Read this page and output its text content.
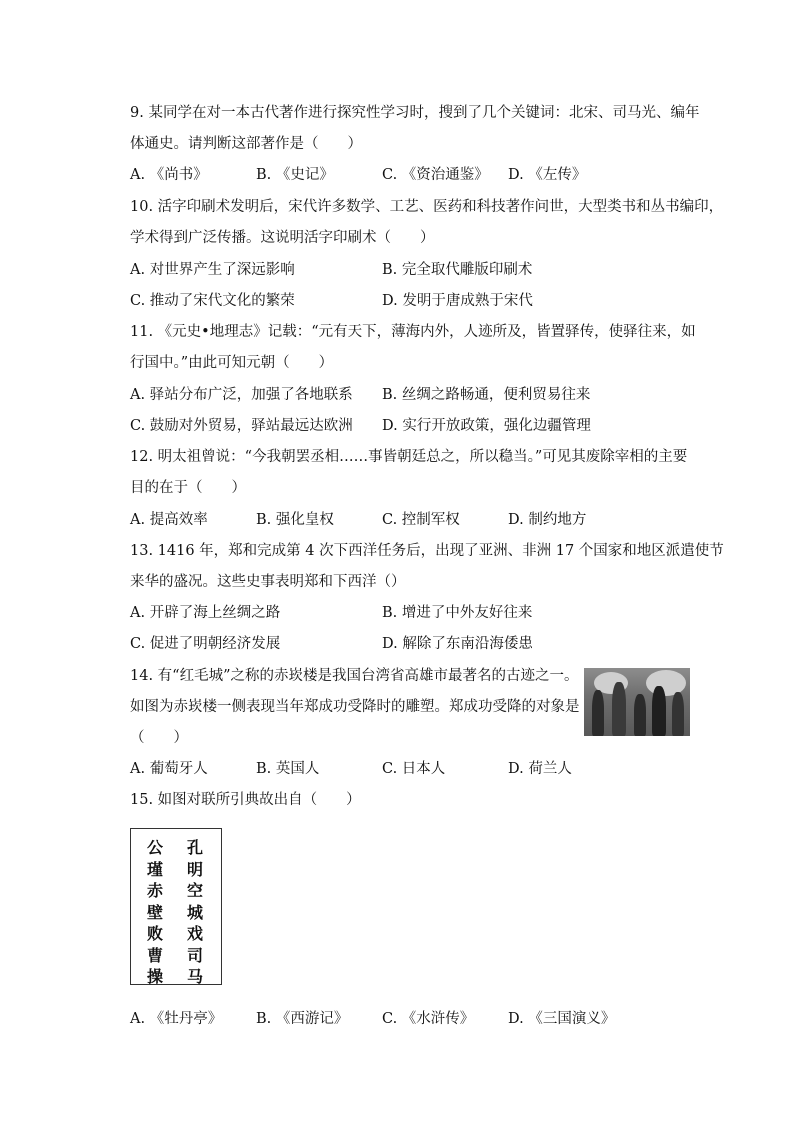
9. 某同学在对一本古代著作进行探究性学习时，搜到了几个关键词：北宋、司马光、编年
体通史。请判断这部著作是（　　）
A. 《尚书》	B. 《史记》	C. 《资治通鉴》 D. 《左传》
10. 活字印刷术发明后，宋代许多数学、工艺、医药和科技著作问世，大型类书和丛书编印，
学术得到广泛传播。这说明活字印刷术（　　）
A. 对世界产生了深远影响	B. 完全取代雕版印刷术
C. 推动了宋代文化的繁荣	D. 发明于唐成熟于宋代
11. 《元史•地理志》记载：“元有天下，薄海内外，人迹所及，皆置驿传，使驿往来，如
行国中。”由此可知元朝（　　）
A. 驿站分布广泛，加强了各地联系 B. 丝绸之路畅通，便利贸易往来
C. 鼓励对外贸易，驿站最远达欧洲 D. 实行开放政策，强化边疆管理
12. 明太祖曾说：“今我朝罢丞相……事皆朝廷总之，所以稳当。”可见其废除宰相的主要
目的在于（　　）
A. 提高效率	B. 强化皇权	C. 控制军权	D. 制约地方
13. 1416 年，郑和完成第 4 次下西洋任务后，出现了亚洲、非洲 17 个国家和地区派遣使节
来华的盛况。这些史事表明郑和下西洋（）
A. 开辟了海上丝绸之路	B. 增进了中外友好往来
C. 促进了明朝经济发展	D. 解除了东南沿海倭患
14. 有“红毛城”之称的赤崁楼是我国台湾省高雄市最著名的古迹之一。
如图为赤崁楼一侧表现当年郑成功受降时的雕塑。郑成功受降的对象是
（　　）
A. 葡萄牙人	B. 英国人	C. 日本人	D. 荷兰人
15. 如图对联所引典故出自（　　）
公
瑾
赤
壁
败
曹
操
孔
明
空
城
戏
司
马
A. 《牡丹亭》 B. 《西游记》 C. 《水浒传》 D. 《三国演义》
